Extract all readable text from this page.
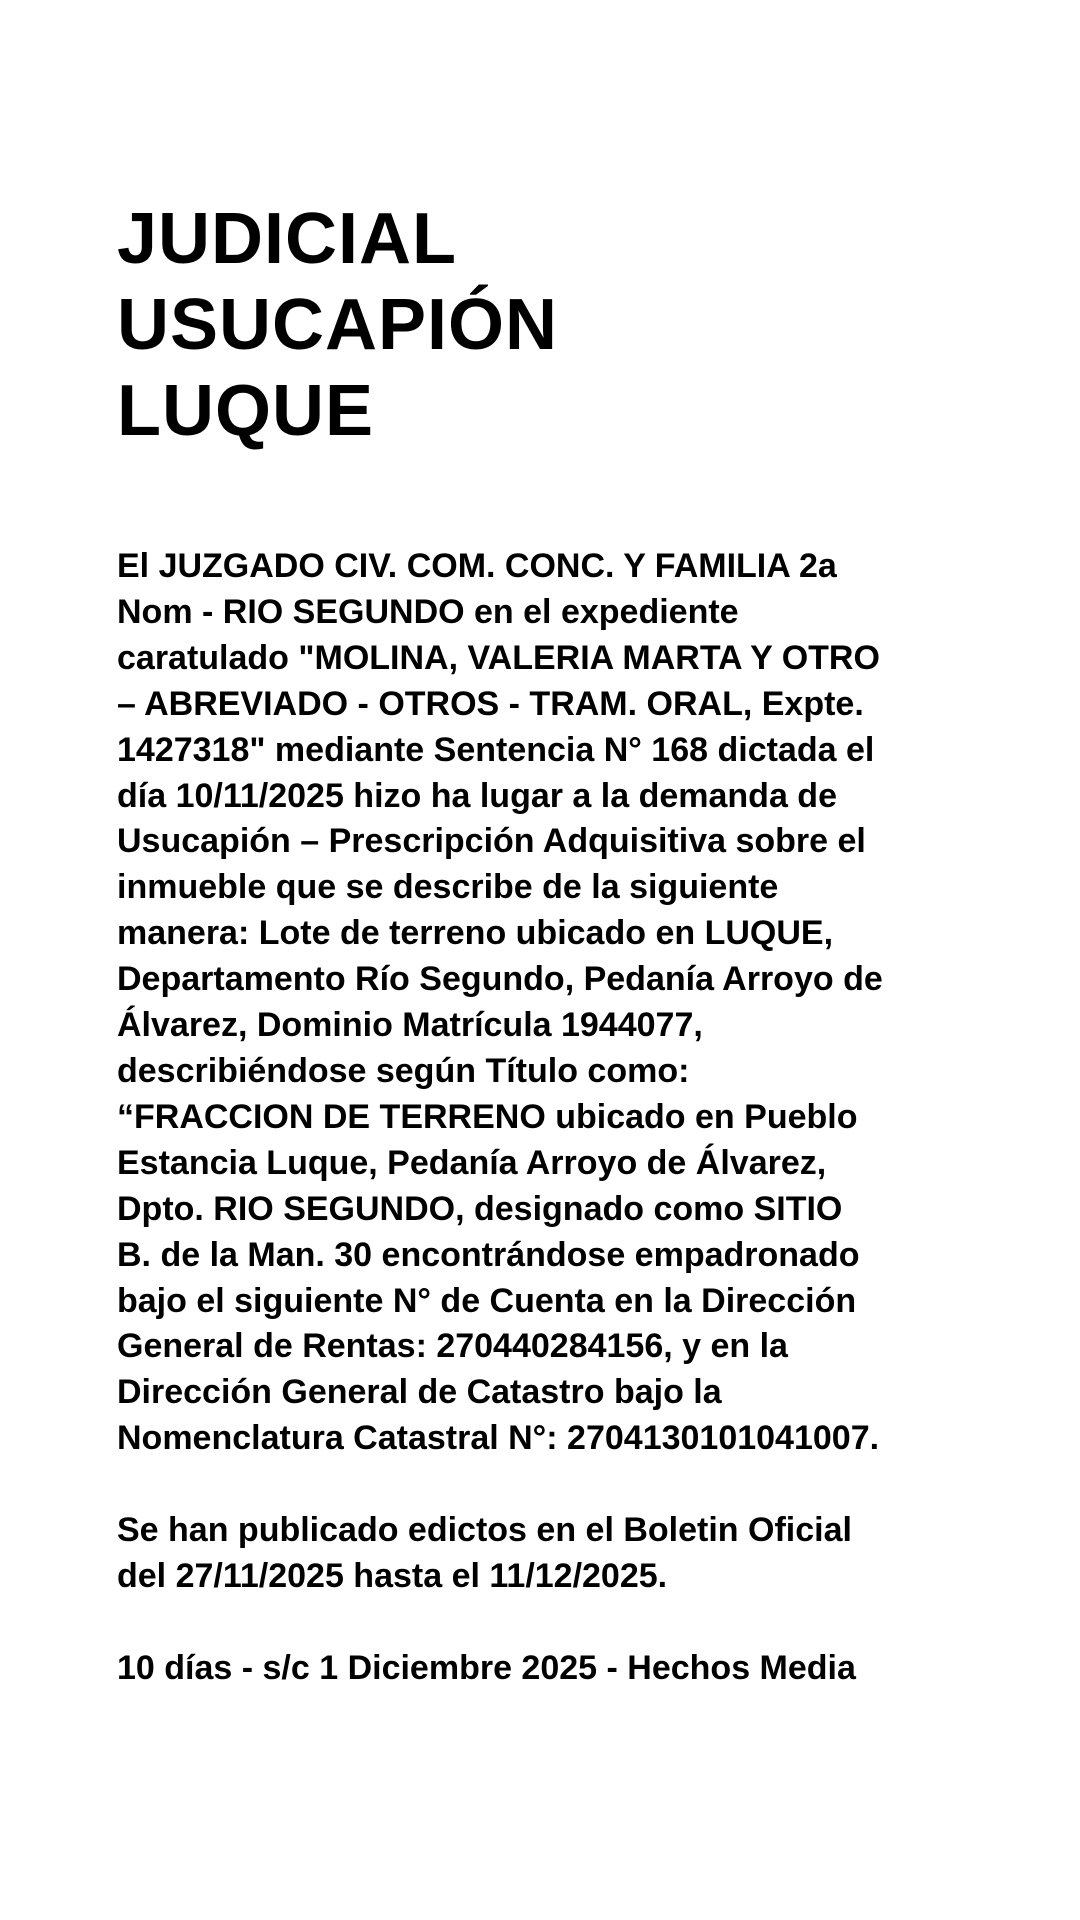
JUDICIAL
USUCAPIÓN
LUQUE
El JUZGADO CIV. COM. CONC. Y FAMILIA 2a
Nom - RIO SEGUNDO en el expediente
caratulado "MOLINA, VALERIA MARTA Y OTRO
– ABREVIADO - OTROS - TRAM. ORAL, Expte.
1427318" mediante Sentencia N° 168 dictada el
día 10/11/2025 hizo ha lugar a la demanda de
Usucapión – Prescripción Adquisitiva sobre el
inmueble que se describe de la siguiente
manera: Lote de terreno ubicado en LUQUE,
Departamento Río Segundo, Pedanía Arroyo de
Álvarez, Dominio Matrícula 1944077,
describiéndose según Título como:
“FRACCION DE TERRENO ubicado en Pueblo
Estancia Luque, Pedanía Arroyo de Álvarez,
Dpto. RIO SEGUNDO, designado como SITIO
B. de la Man. 30 encontrándose empadronado
bajo el siguiente N° de Cuenta en la Dirección
General de Rentas: 270440284156, y en la
Dirección General de Catastro bajo la
Nomenclatura Catastral N°: 2704130101041007.
Se han publicado edictos en el Boletin Oficial
del 27/11/2025 hasta el 11/12/2025.
10 días - s/c 1 Diciembre 2025 - Hechos Media
